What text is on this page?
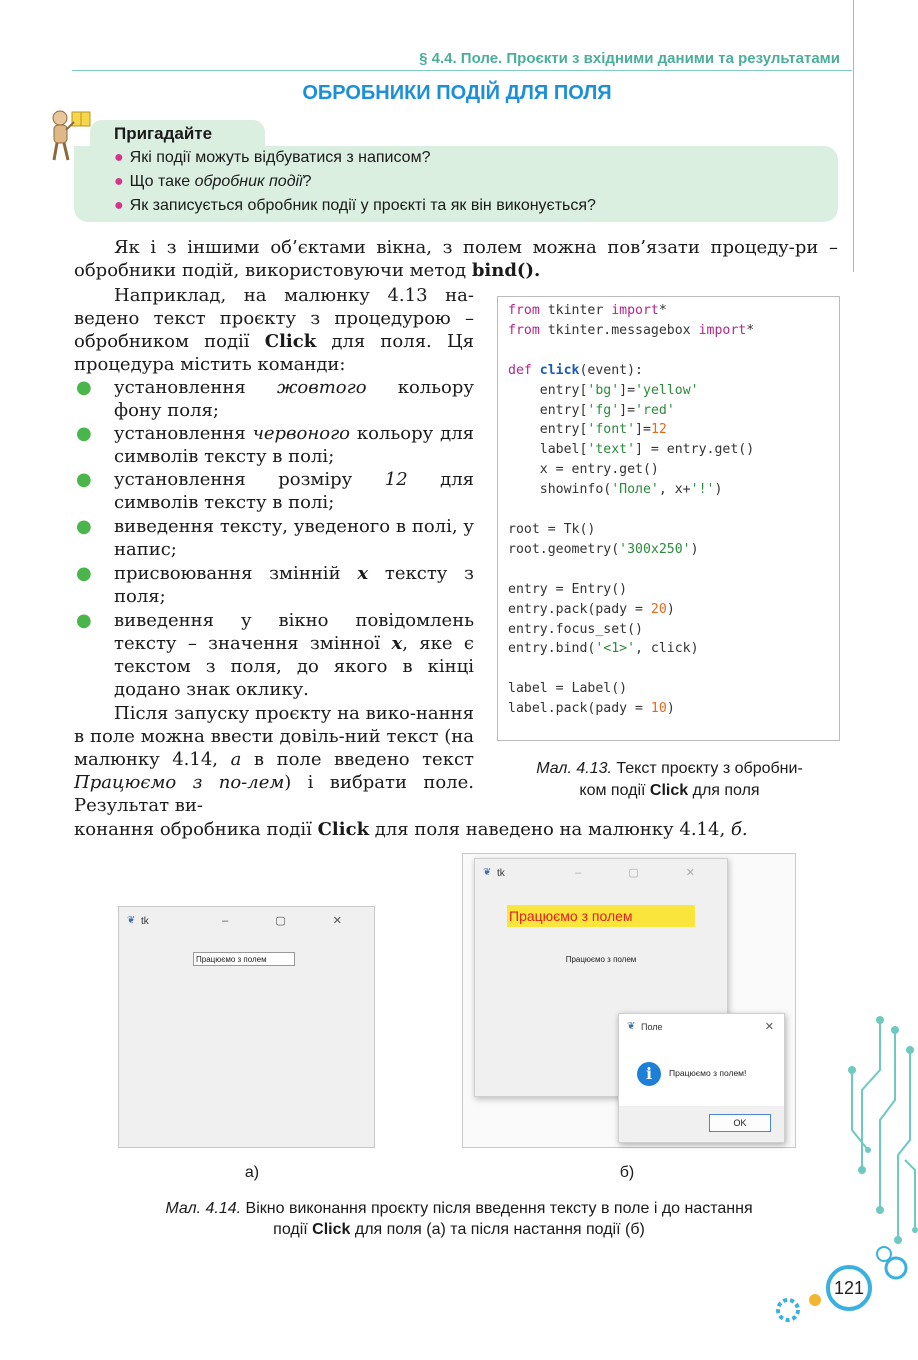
§ 4.4. Поле. Проєкти з вхідними даними та результатами
ОБРОБНИКИ ПОДІЙ ДЛЯ ПОЛЯ
Пригадайте
● Які події можуть відбуватися з написом?
● Що таке обробник події?
● Як записується обробник події у проєкті та як він виконується?
Як і з іншими об’єктами вікна, з полем можна пов’язати процеду-ри – обробники подій, використовуючи метод bind().
Наприклад, на малюнку 4.13 на-ведено текст проєкту з процедурою – обробником події Click для поля. Ця процедура містить команди:
● установлення жовтого кольору фону поля;
● установлення червоного кольору для символів тексту в полі;
● установлення розміру 12 для символів тексту в полі;
● виведення тексту, уведеного в полі, у напис;
● присвоювання змінній x тексту з поля;
● виведення у вікно повідомлень тексту – значення змінної x, яке є текстом з поля, до якого в кінці додано знак оклику.
Після запуску проєкту на вико-нання в поле можна ввести довіль-ний текст (на малюнку 4.14, а в поле введено текст Працюємо з по-лем) і вибрати поле. Результат ви-
конання обробника події Click для поля наведено на малюнку 4.14, б.
from tkinter import*
from tkinter.messagebox import*

def click(event):
entry['bg']='yellow'
entry['fg']='red'
entry['font']=12
label['text'] = entry.get()
x = entry.get()
showinfo('Поле', x+'!')

root = Tk()
root.geometry('300x250')

entry = Entry()
entry.pack(pady = 20)
entry.focus_set()
entry.bind('<1>', click)

label = Label()
label.pack(pady = 10)
Мал. 4.13. Текст проєкту з обробни-
ком події Click для поля
❦ tk	– ▢ ✕
Працюємо з полем
❦ tk	– ▢ ✕
Працюємо з полем
Працюємо з полем
❦ Поле	✕
i	Працюємо з полем!
OK
а)	б)
Мал. 4.14. Вікно виконання проєкту після введення тексту в поле і до настання
події Click для поля (а) та після настання події (б)
121
